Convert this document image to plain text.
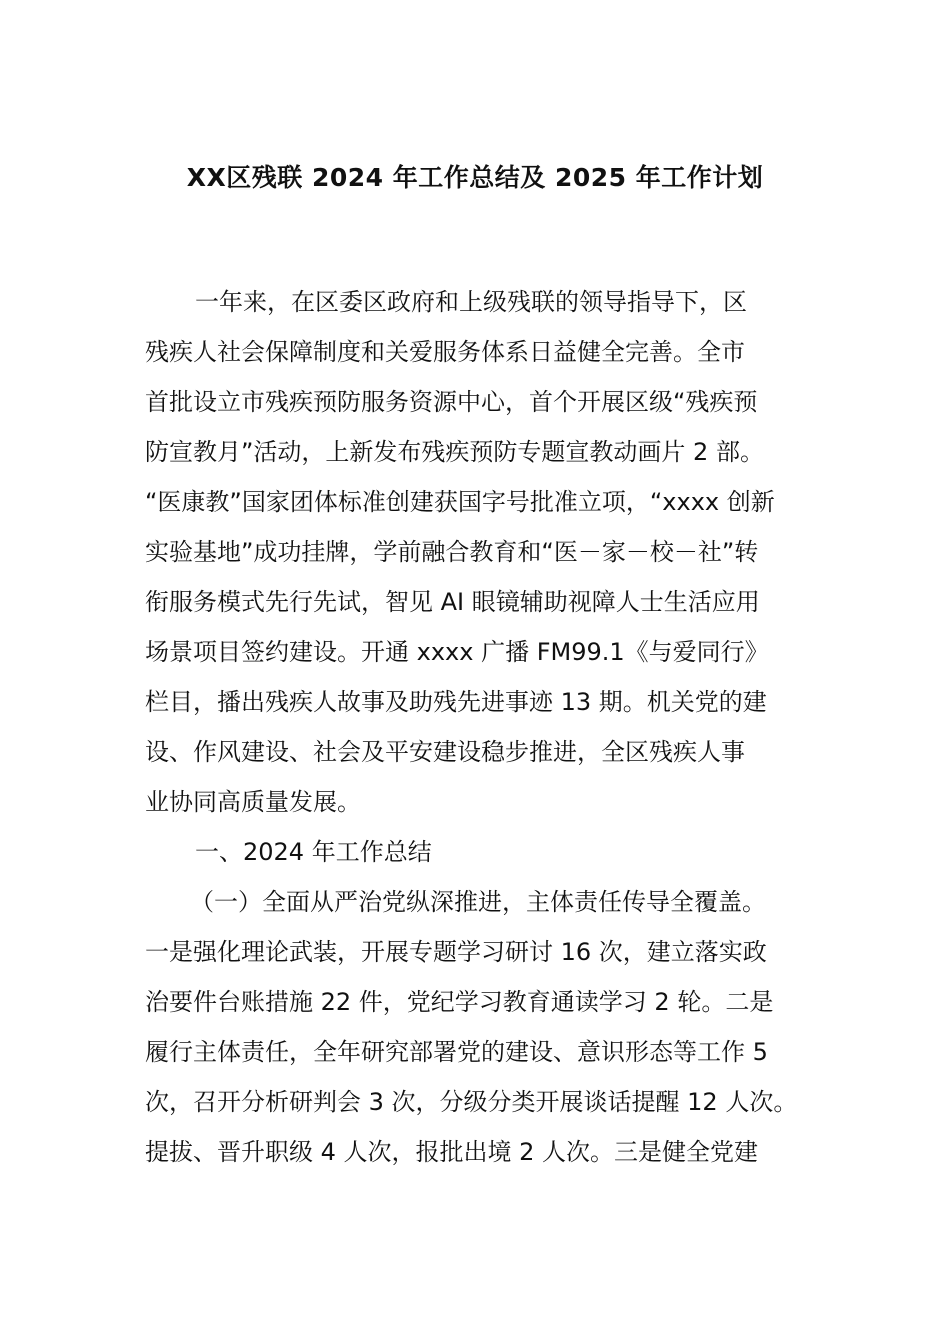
XX区残联 2024 年工作总结及 2025 年工作计划
一年来，在区委区政府和上级残联的领导指导下，区
残疾人社会保障制度和关爱服务体系日益健全完善。全市
首批设立市残疾预防服务资源中心，首个开展区级“残疾预
防宣教月”活动，上新发布残疾预防专题宣教动画片 2 部。
“医康教”国家团体标准创建获国字号批准立项，“xxxx 创新
实验基地”成功挂牌，学前融合教育和“医－家－校－社”转
衔服务模式先行先试，智见 AI 眼镜辅助视障人士生活应用
场景项目签约建设。开通 xxxx 广播 FM99.1《与爱同行》
栏目，播出残疾人故事及助残先进事迹 13 期。机关党的建
设、作风建设、社会及平安建设稳步推进，全区残疾人事
业协同高质量发展。
一、2024 年工作总结
（一）全面从严治党纵深推进，主体责任传导全覆盖。
一是强化理论武装，开展专题学习研讨 16 次，建立落实政
治要件台账措施 22 件，党纪学习教育通读学习 2 轮。二是
履行主体责任，全年研究部署党的建设、意识形态等工作 5
次，召开分析研判会 3 次，分级分类开展谈话提醒 12 人次。
提拔、晋升职级 4 人次，报批出境 2 人次。三是健全党建
